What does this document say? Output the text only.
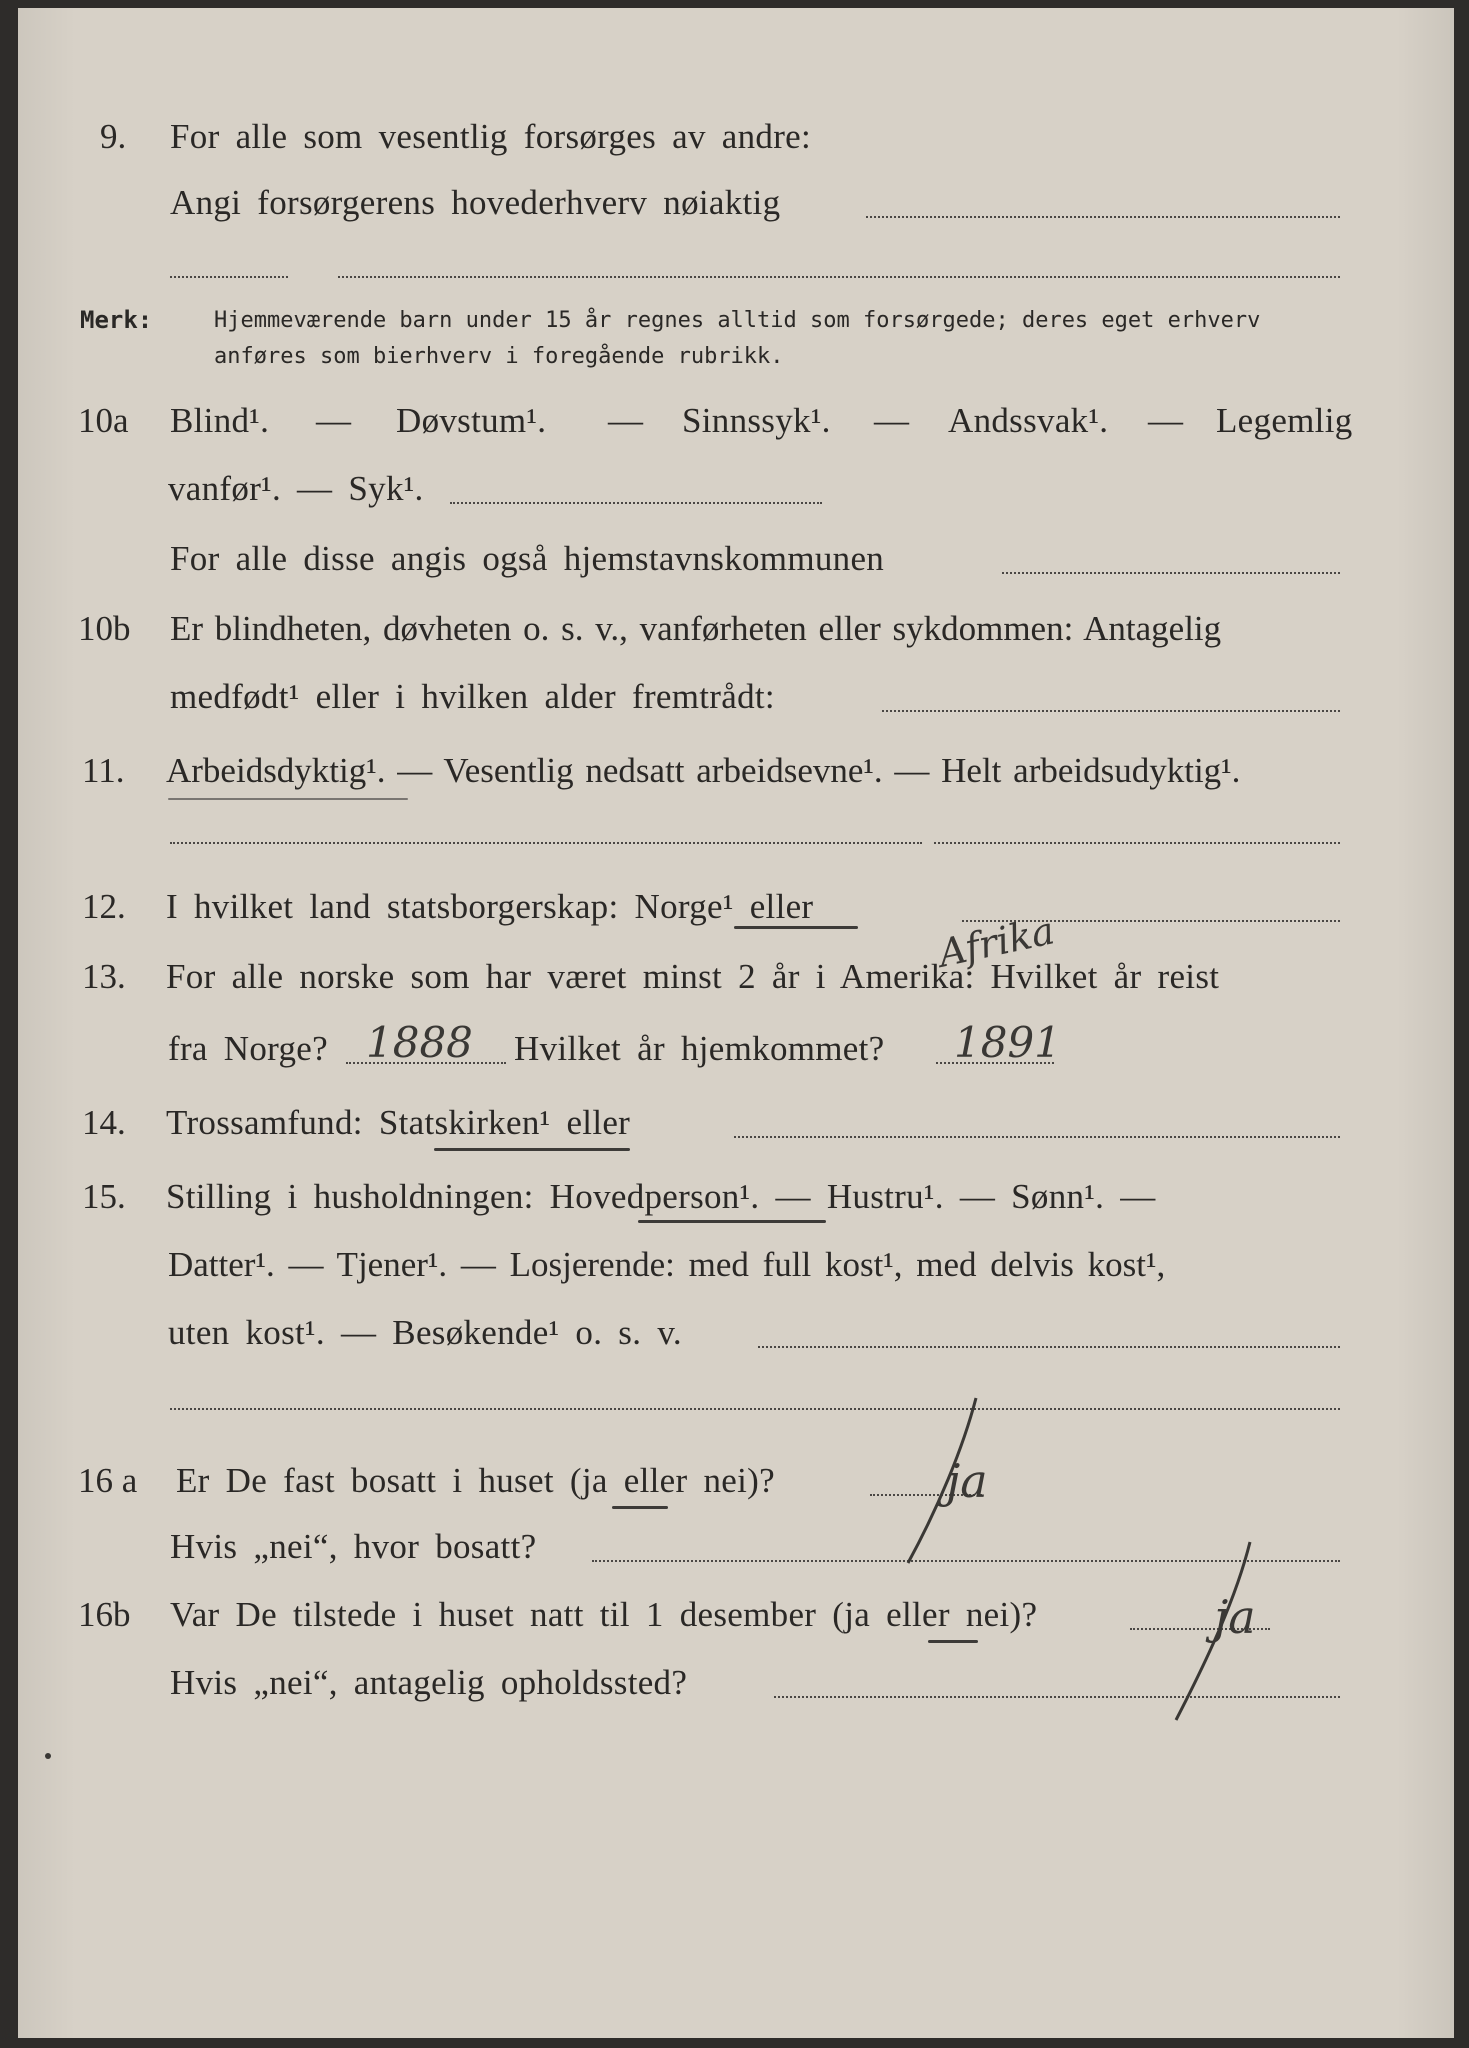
9. For alle som vesentlig forsørges av andre:
Angi forsørgerens hovederhverv nøiaktig
Merk:	Hjemmeværende barn under 15 år regnes alltid som forsørgede; deres eget erhverv
anføres som bierhverv i foregående rubrikk.
10a Blind¹. — Døvstum¹. — Sinnssyk¹. — Andssvak¹. — Legemlig
vanfør¹. — Syk¹.
For alle disse angis også hjemstavnskommunen
10b Er blindheten, døvheten o. s. v., vanførheten eller sykdommen: Antagelig
medfødt¹ eller i hvilken alder fremtrådt:
11. Arbeidsdyktig¹. — Vesentlig nedsatt arbeidsevne¹. — Helt arbeidsudyktig¹.
12. I hvilket land statsborgerskap: Norge¹ eller
13. For alle norske som har været minst 2 år i Amerika: Hvilket år reist
fra Norge?	Hvilket år hjemkommet?
14. Trossamfund: Statskirken¹ eller
15. Stilling i husholdningen: Hovedperson¹. — Hustru¹. — Sønn¹. —
Datter¹. — Tjener¹. — Losjerende: med full kost¹, med delvis kost¹,
uten kost¹. — Besøkende¹ o. s. v.
16 a Er De fast bosatt i huset (ja eller nei)?
Hvis „nei“, hvor bosatt?
16b Var De tilstede i huset natt til 1 desember (ja eller nei)?
Hvis „nei“, antagelig opholdssted?
Afrika
1888	1891
ja
ja
